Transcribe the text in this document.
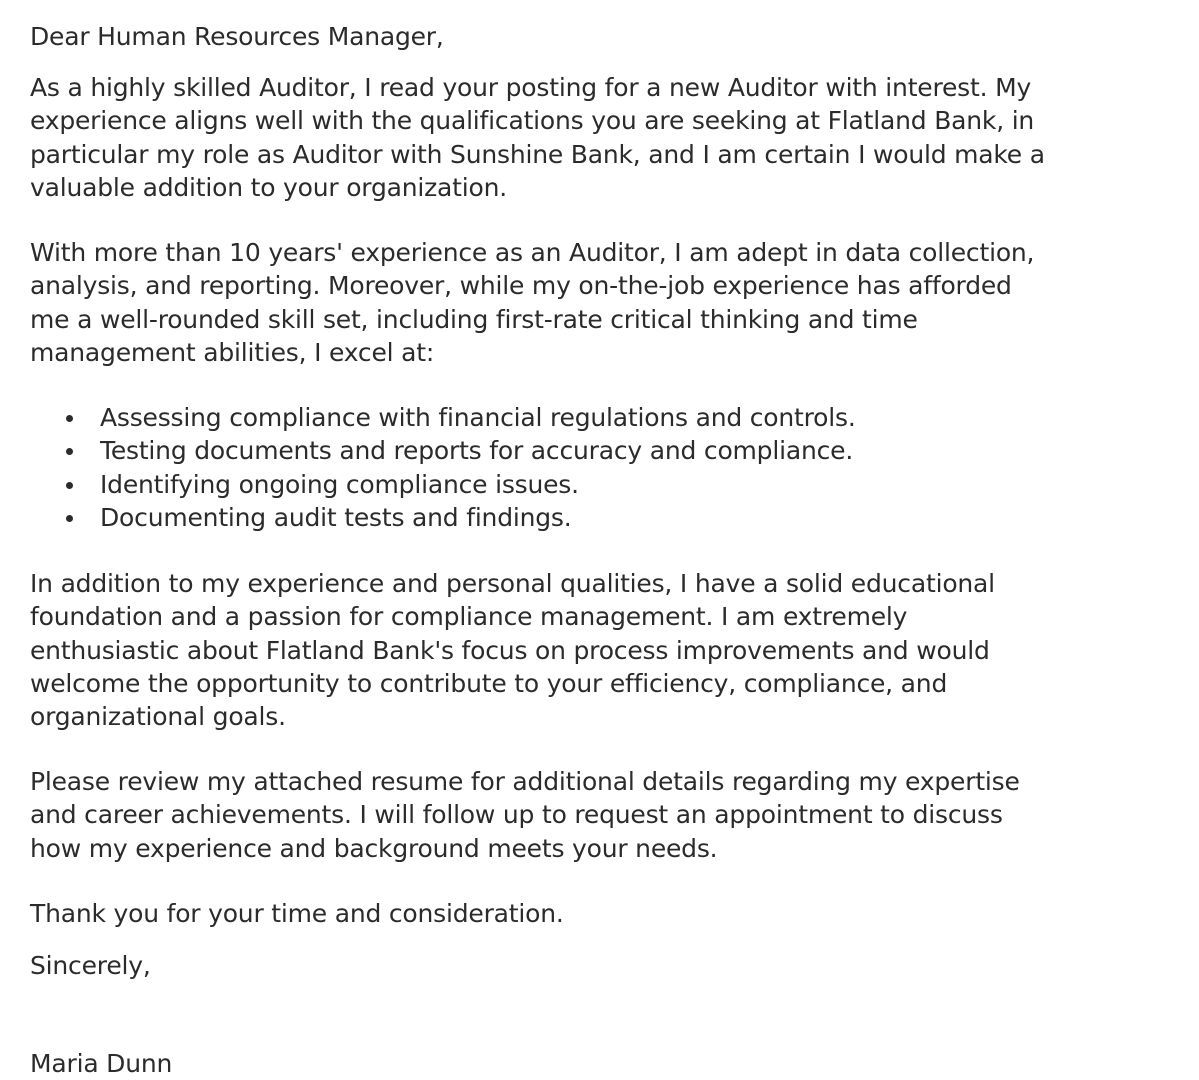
Dear Human Resources Manager,
As a highly skilled Auditor, I read your posting for a new Auditor with interest. My
experience aligns well with the qualifications you are seeking at Flatland Bank, in
particular my role as Auditor with Sunshine Bank, and I am certain I would make a
valuable addition to your organization.
With more than 10 years' experience as an Auditor, I am adept in data collection,
analysis, and reporting. Moreover, while my on-the-job experience has afforded
me a well-rounded skill set, including first-rate critical thinking and time
management abilities, I excel at:
Assessing compliance with financial regulations and controls.
Testing documents and reports for accuracy and compliance.
Identifying ongoing compliance issues.
Documenting audit tests and findings.
In addition to my experience and personal qualities, I have a solid educational
foundation and a passion for compliance management. I am extremely
enthusiastic about Flatland Bank's focus on process improvements and would
welcome the opportunity to contribute to your efficiency, compliance, and
organizational goals.
Please review my attached resume for additional details regarding my expertise
and career achievements. I will follow up to request an appointment to discuss
how my experience and background meets your needs.
Thank you for your time and consideration.
Sincerely,
Maria Dunn
